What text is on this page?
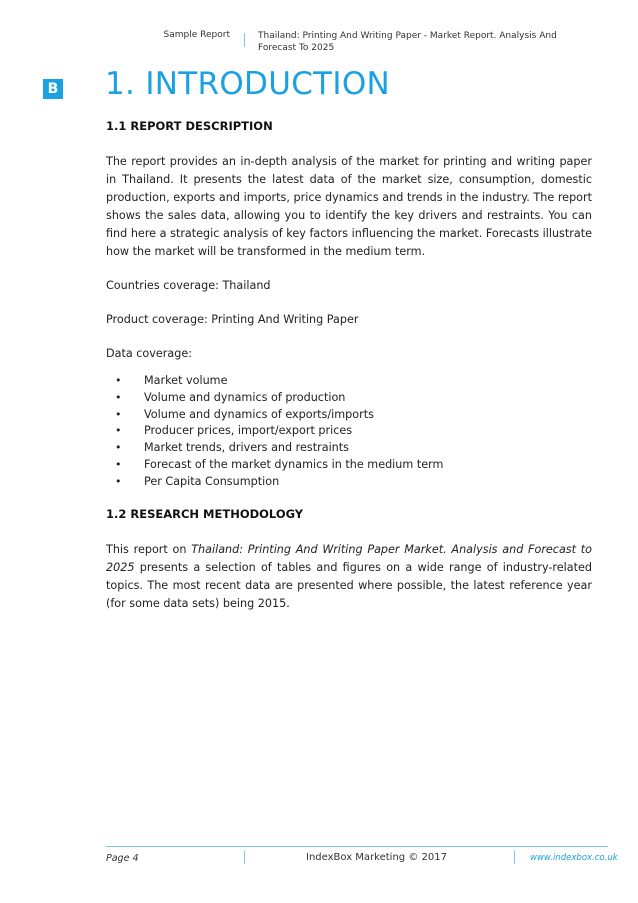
Sample Report	Thailand: Printing And Writing Paper - Market Report. Analysis And Forecast To 2025
B 1. INTRODUCTION
1.1 REPORT DESCRIPTION

The report provides an in-depth analysis of the market for printing and writing paper in Thailand. It presents the latest data of the market size, consumption, domestic production, exports and imports, price dynamics and trends in the industry. The report shows the sales data, allowing you to identify the key drivers and restraints. You can find here a strategic analysis of key factors influencing the market. Forecasts illustrate how the market will be transformed in the medium term.

Countries coverage: Thailand

Product coverage: Printing And Writing Paper

Data coverage:

• Market volume
• Volume and dynamics of production
• Volume and dynamics of exports/imports
• Producer prices, import/export prices
• Market trends, drivers and restraints
• Forecast of the market dynamics in the medium term
• Per Capita Consumption
1.2 RESEARCH METHODOLOGY

This report on Thailand: Printing And Writing Paper Market. Analysis and Forecast to 2025 presents a selection of tables and figures on a wide range of industry-related topics. The most recent data are presented where possible, the latest reference year (for some data sets) being 2015.

Page 4	IndexBox Marketing © 2017	www.indexbox.co.uk
